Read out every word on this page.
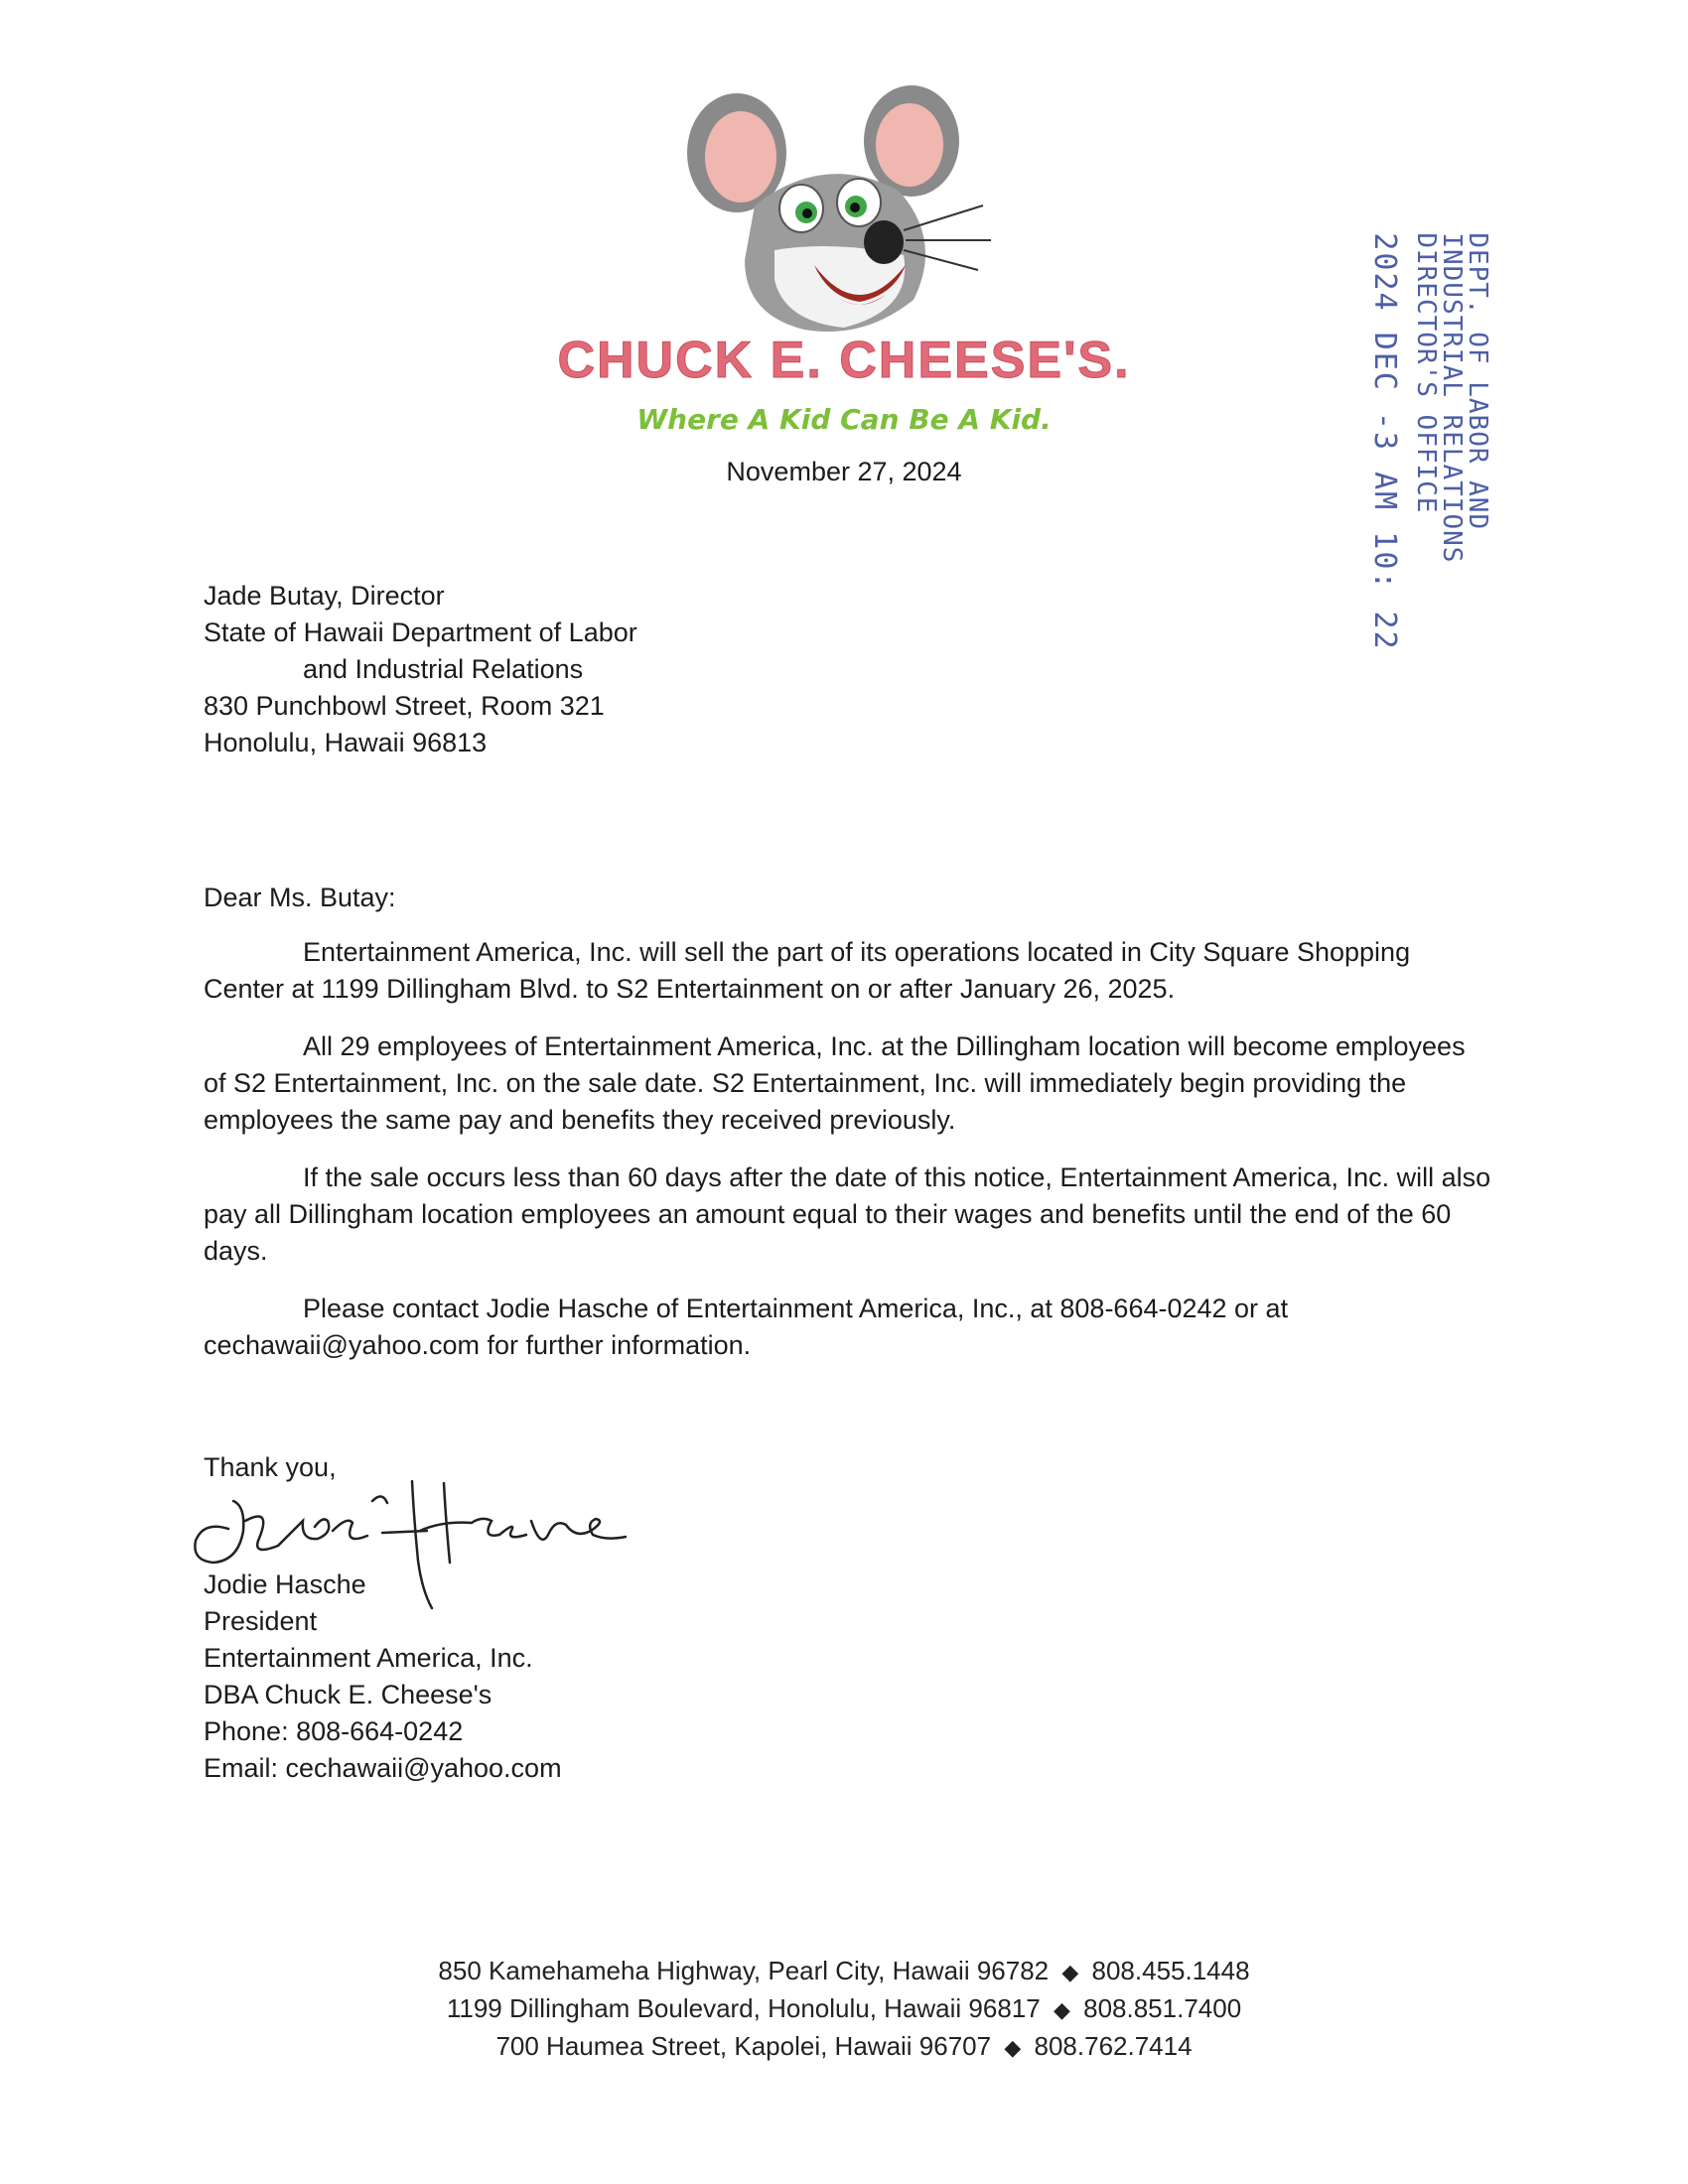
CHUCK E. CHEESE'S.
Where A Kid Can Be A Kid.
November 27, 2024	DEPT. OF LABOR AND
INDUSTRIAL RELATIONS
DIRECTOR'S OFFICE
2024 DEC -3 AM 10: 22
Jade Butay, Director
State of Hawaii Department of Labor
and Industrial Relations
830 Punchbowl Street, Room 321
Honolulu, Hawaii 96813
Dear Ms. Butay:

Entertainment America, Inc. will sell the part of its operations located in City Square Shopping Center at 1199 Dillingham Blvd. to S2 Entertainment on or after January 26, 2025.

All 29 employees of Entertainment America, Inc. at the Dillingham location will become employees of S2 Entertainment, Inc. on the sale date. S2 Entertainment, Inc. will immediately begin providing the employees the same pay and benefits they received previously.

If the sale occurs less than 60 days after the date of this notice, Entertainment America, Inc. will also pay all Dillingham location employees an amount equal to their wages and benefits until the end of the 60 days.

Please contact Jodie Hasche of Entertainment America, Inc., at 808-664-0242 or at cechawaii@yahoo.com for further information.

Thank you,
Jodie Hasche
President
Entertainment America, Inc.
DBA Chuck E. Cheese's
Phone: 808-664-0242
Email: cechawaii@yahoo.com
850 Kamehameha Highway, Pearl City, Hawaii 96782 ◆ 808.455.1448
1199 Dillingham Boulevard, Honolulu, Hawaii 96817 ◆ 808.851.7400
700 Haumea Street, Kapolei, Hawaii 96707 ◆ 808.762.7414
